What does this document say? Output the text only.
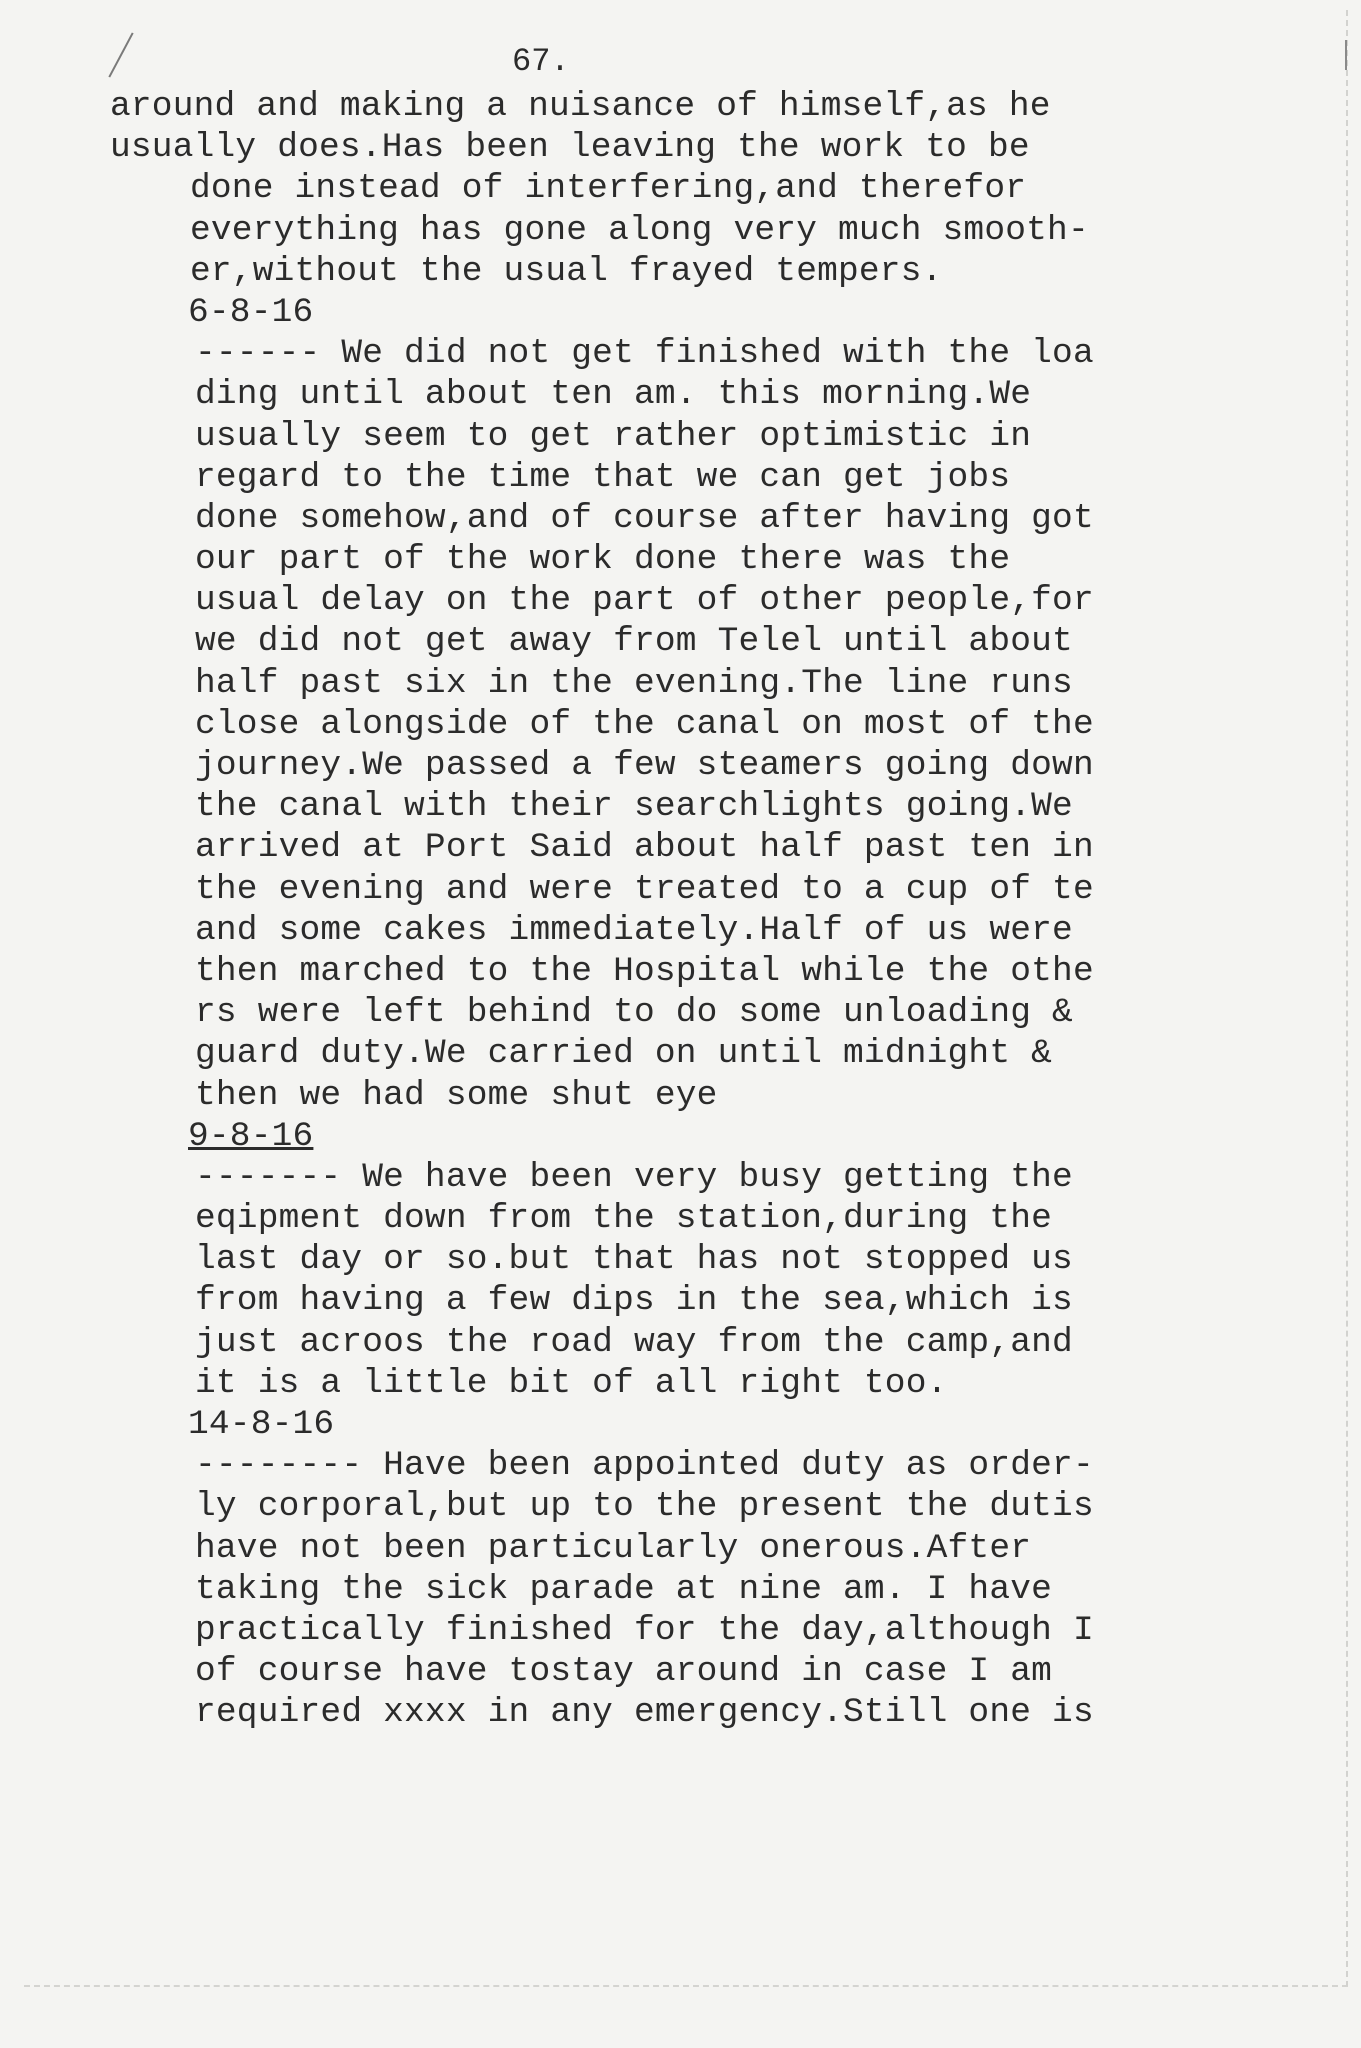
67.
around and making a nuisance of himself,as he
usually does.Has been leaving the work to be
done instead of interfering,and therefor
everything has gone along very much smooth-
er,without the usual frayed tempers.
6-8-16
------ We did not get finished with the loa
ding until about ten am. this morning.We
usually seem to get rather optimistic in
regard to the time that we can get jobs
done somehow,and of course after having got
our part of the work done there was the
usual delay on the part of other people,for
we did not get away from Telel until about
half past six in the evening.The line runs
close alongside of the canal on most of the
journey.We passed a few steamers going down
the canal with their searchlights going.We
arrived at Port Said about half past ten in
the evening and were treated to a cup of te
and some cakes immediately.Half of us were
then marched to the Hospital while the othe
rs were left behind to do some unloading &
guard duty.We carried on until midnight &
then we had some shut eye
9-8-16
------- We have been very busy getting the
eqipment down from the station,during the
last day or so.but that has not stopped us
from having a few dips in the sea,which is
just acroos the road way from the camp,and
it is a little bit of all right too.
14-8-16
-------- Have been appointed duty as order-
ly corporal,but up to the present the dutis
have not been particularly onerous.After
taking the sick parade at nine am. I have
practically finished for the day,although I
of course have tostay around in case I am
required xxxx in any emergency.Still one is
